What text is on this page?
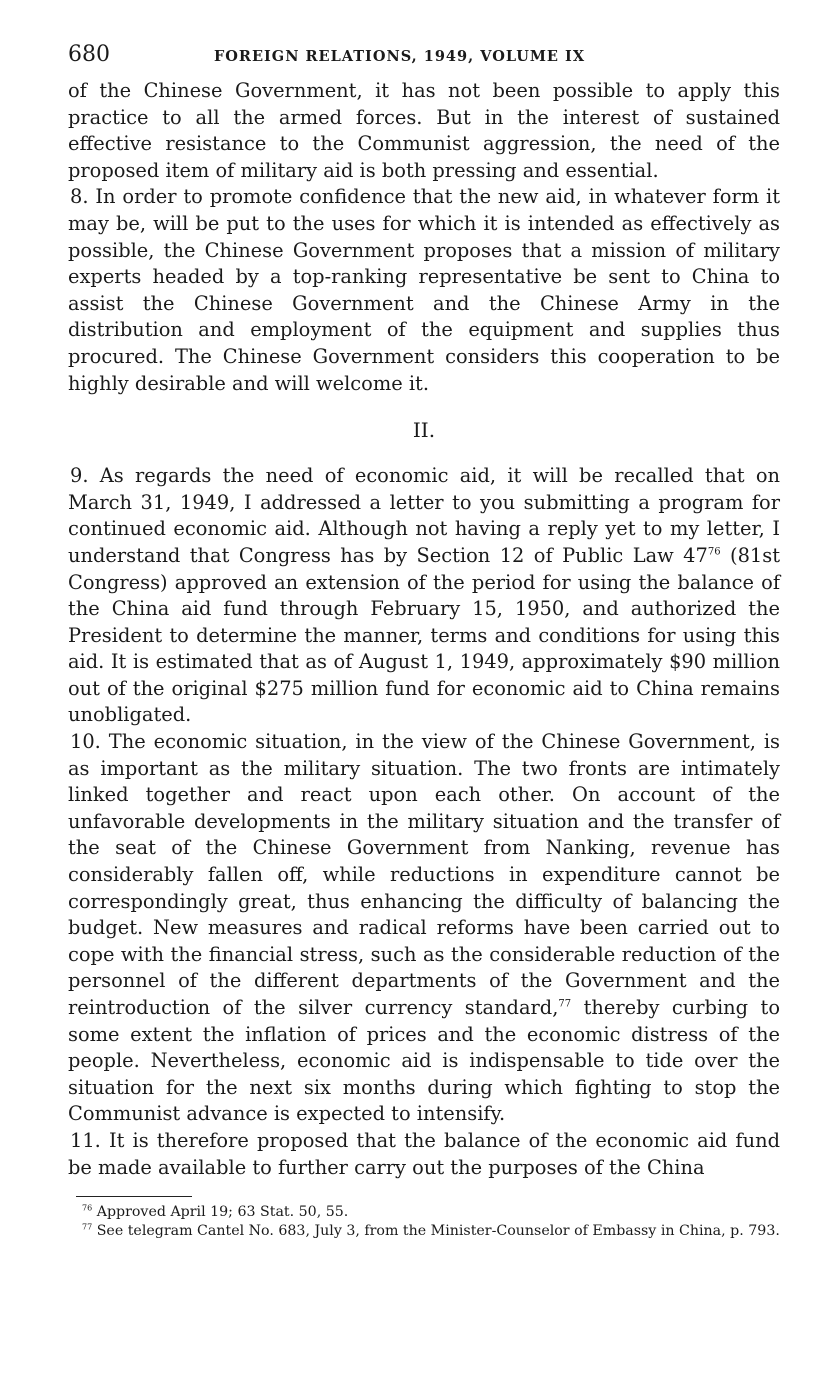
680	FOREIGN RELATIONS, 1949, VOLUME IX

of the Chinese Government, it has not been possible to apply this practice to all the armed forces. But in the interest of sustained effective resistance to the Communist aggression, the need of the proposed item of military aid is both pressing and essential.

8. In order to promote confidence that the new aid, in whatever form it may be, will be put to the uses for which it is intended as effectively as possible, the Chinese Government proposes that a mission of military experts headed by a top-ranking representative be sent to China to assist the Chinese Government and the Chinese Army in the distribution and employment of the equipment and supplies thus procured. The Chinese Government considers this cooperation to be highly desirable and will welcome it.

II.

9. As regards the need of economic aid, it will be recalled that on March 31, 1949, I addressed a letter to you submitting a program for continued economic aid. Although not having a reply yet to my letter, I understand that Congress has by Section 12 of Public Law $47^{76}$ (81st Congress) approved an extension of the period for using the balance of the China aid fund through February 15, 1950, and authorized the President to determine the manner, terms and conditions for using this aid. It is estimated that as of August 1, 1949, approximately $90 million out of the original $275 million fund for economic aid to China remains unobligated.

10. The economic situation, in the view of the Chinese Government, is as important as the military situation. The two fronts are intimately linked together and react upon each other. On account of the unfavorable developments in the military situation and the transfer of the seat of the Chinese Government from Nanking, revenue has considerably fallen off, while reductions in expenditure cannot be correspondingly great, thus enhancing the difficulty of balancing the budget. New measures and radical reforms have been carried out to cope with the financial stress, such as the considerable reduction of the personnel of the different departments of the Government and the reintroduction of the silver currency standard,$^{77}$ thereby curbing to some extent the inflation of prices and the economic distress of the people. Nevertheless, economic aid is indispensable to tide over the situation for the next six months during which fighting to stop the Communist advance is expected to intensify.

11. It is therefore proposed that the balance of the economic aid fund be made available to further carry out the purposes of the China

$^{76}$ Approved April 19; 63 Stat. 50, 55.

$^{77}$ See telegram Cantel No. 683, July 3, from the Minister-Counselor of Embassy in China, p. 793.
